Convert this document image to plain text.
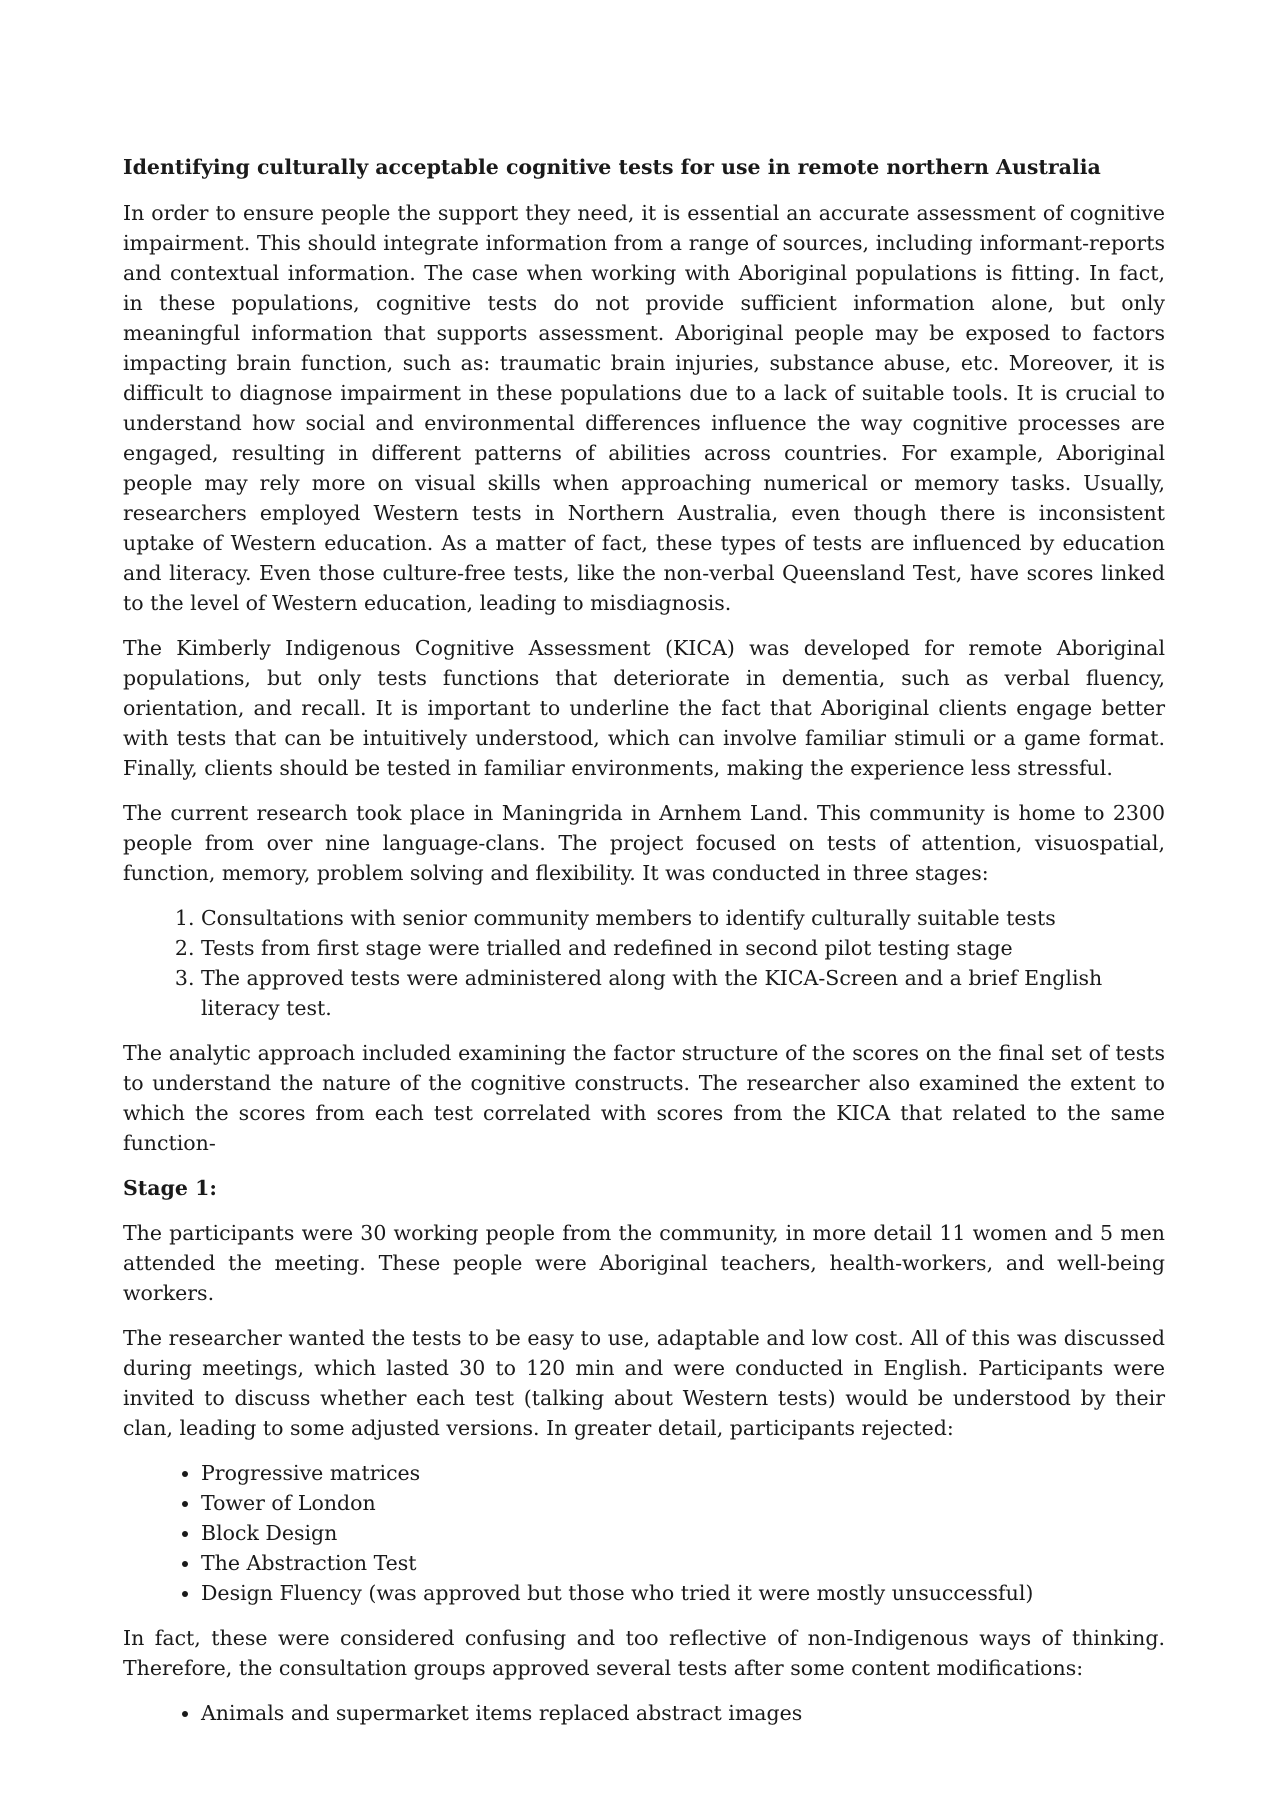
Identifying culturally acceptable cognitive tests for use in remote northern Australia

In order to ensure people the support they need, it is essential an accurate assessment of cognitive impairment. This should integrate information from a range of sources, including informant-reports and contextual information. The case when working with Aboriginal populations is fitting. In fact, in these populations, cognitive tests do not provide sufficient information alone, but only meaningful information that supports assessment. Aboriginal people may be exposed to factors impacting brain function, such as: traumatic brain injuries, substance abuse, etc. Moreover, it is difficult to diagnose impairment in these populations due to a lack of suitable tools. It is crucial to understand how social and environmental differences influence the way cognitive processes are engaged, resulting in different patterns of abilities across countries. For example, Aboriginal people may rely more on visual skills when approaching numerical or memory tasks. Usually, researchers employed Western tests in Northern Australia, even though there is inconsistent uptake of Western education. As a matter of fact, these types of tests are influenced by education and literacy. Even those culture-free tests, like the non-verbal Queensland Test, have scores linked to the level of Western education, leading to misdiagnosis.

The Kimberly Indigenous Cognitive Assessment (KICA) was developed for remote Aboriginal populations, but only tests functions that deteriorate in dementia, such as verbal fluency, orientation, and recall. It is important to underline the fact that Aboriginal clients engage better with tests that can be intuitively understood, which can involve familiar stimuli or a game format. Finally, clients should be tested in familiar environments, making the experience less stressful.

The current research took place in Maningrida in Arnhem Land. This community is home to 2300 people from over nine language-clans. The project focused on tests of attention, visuospatial, function, memory, problem solving and flexibility. It was conducted in three stages:

1. Consultations with senior community members to identify culturally suitable tests
2. Tests from first stage were trialled and redefined in second pilot testing stage
3. The approved tests were administered along with the KICA-Screen and a brief English literacy test.

The analytic approach included examining the factor structure of the scores on the final set of tests to understand the nature of the cognitive constructs. The researcher also examined the extent to which the scores from each test correlated with scores from the KICA that related to the same function-

Stage 1:

The participants were 30 working people from the community, in more detail 11 women and 5 men attended the meeting. These people were Aboriginal teachers, health-workers, and well-being workers.

The researcher wanted the tests to be easy to use, adaptable and low cost. All of this was discussed during meetings, which lasted 30 to 120 min and were conducted in English. Participants were invited to discuss whether each test (talking about Western tests) would be understood by their clan, leading to some adjusted versions. In greater detail, participants rejected:

• Progressive matrices
• Tower of London
• Block Design
• The Abstraction Test
• Design Fluency (was approved but those who tried it were mostly unsuccessful)

In fact, these were considered confusing and too reflective of non-Indigenous ways of thinking. Therefore, the consultation groups approved several tests after some content modifications:

• Animals and supermarket items replaced abstract images
